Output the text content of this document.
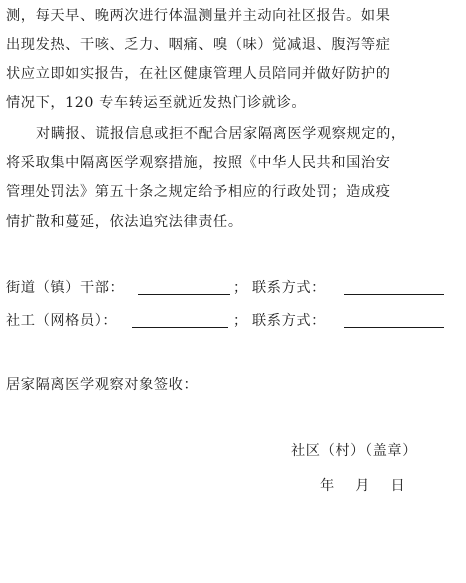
测，每天早、晚两次进行体温测量并主动向社区报告。如果
出现发热、干咳、乏力、咽痛、嗅（味）觉减退、腹泻等症
状应立即如实报告，在社区健康管理人员陪同并做好防护的
情况下，120 专车转运至就近发热门诊就诊。
对瞒报、谎报信息或拒不配合居家隔离医学观察规定的，
将采取集中隔离医学观察措施，按照《中华人民共和国治安
管理处罚法》第五十条之规定给予相应的行政处罚；造成疫
情扩散和蔓延，依法追究法律责任。
街道（镇）干部：	； 联系方式：
社工（网格员）：	； 联系方式：
居家隔离医学观察对象签收：
社区（村）（盖章）
年    月    日
